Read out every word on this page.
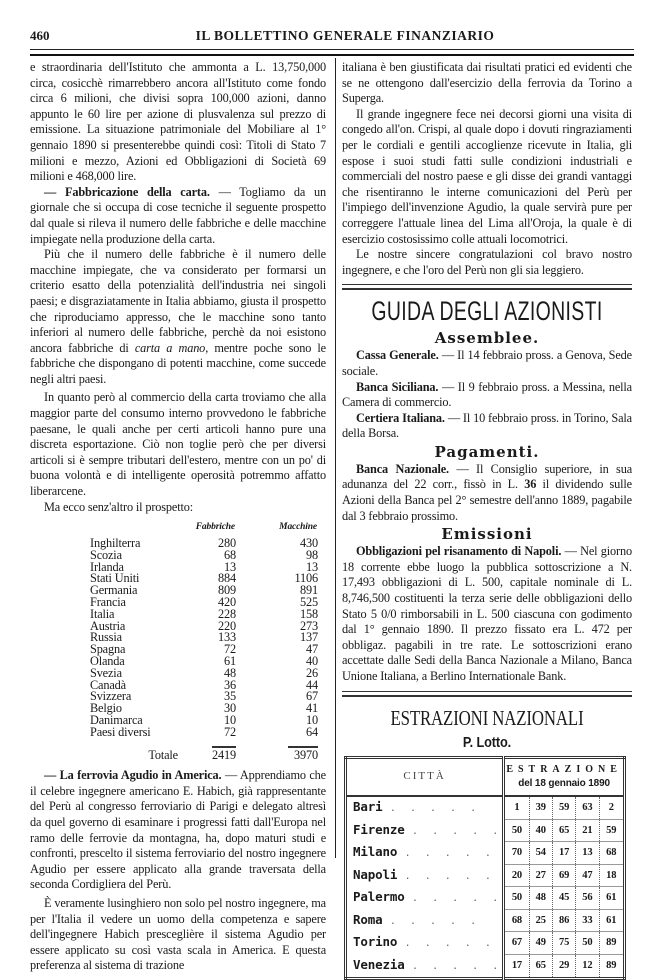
460	IL BOLLETTINO GENERALE FINANZIARIO

e straordinaria dell'Istituto che ammonta a L. 13,750,000 circa, cosicchè rimarrebbero ancora all'Istituto come fondo circa 6 milioni, che divisi sopra 100,000 azioni, danno appunto le 60 lire per azione di plusvalenza sul prezzo di emissione. La situazione patrimoniale del Mobiliare al 1° gennaio 1890 si presenterebbe quindi così: Titoli di Stato 7 milioni e mezzo, Azioni ed Obbligazioni di Società 69 milioni e 468,000 lire.

— Fabbricazione della carta. — Togliamo da un giornale che si occupa di cose tecniche il seguente prospetto dal quale si rileva il numero delle fabbriche e delle macchine impiegate nella produzione della carta.

Più che il numero delle fabbriche è il numero delle macchine impiegate, che va considerato per formarsi un criterio esatto della potenzialità dell'industria nei singoli paesi; e disgraziatamente in Italia abbiamo, giusta il prospetto che riproduciamo appresso, che le macchine sono tanto inferiori al numero delle fabbriche, perchè da noi esistono ancora fabbriche di carta a mano, mentre poche sono le fabbriche che dispongano di potenti macchine, come succede negli altri paesi.

In quanto però al commercio della carta troviamo che alla maggior parte del consumo interno provvedono le fabbriche paesane, le quali anche per certi articoli hanno pure una discreta esportazione. Ciò non toglie però che per diversi articoli si è sempre tributari dell'estero, mentre con un po' di buona volontà e di intelligente operosità potremmo affatto liberarcene.

Ma ecco senz'altro il prospetto:

	Fabbriche	Macchine
Inghilterra	280	430
Scozia	68	98
Irlanda	13	13
Stati Uniti	884	1106
Germania	809	891
Francia	420	525
Italia	228	158
Austria	220	273
Russia	133	137
Spagna	72	47
Olanda	61	40
Svezia	48	26
Canadà	36	44
Svizzera	35	67
Belgio	30	41
Danimarca	10	10
Paesi diversi	72	64

Totale	2419	3970

— La ferrovia Agudio in America. — Apprendiamo che il celebre ingegnere americano E. Habich, già rappresentante del Perù al congresso ferroviario di Parigi e delegato altresì da quel governo di esaminare i progressi fatti dall'Europa nel ramo delle ferrovie da montagna, ha, dopo maturi studi e confronti, prescelto il sistema ferroviario del nostro ingegnere Agudio per essere applicato alla grande traversata della seconda Cordigliera del Perù.

È veramente lusinghiero non solo pel nostro ingegnere, ma per l'Italia il vedere un uomo della competenza e sapere dell'ingegnere Habich presceglière il sistema Agudio per essere applicato su così vasta scala in America. E questa preferenza al sistema di trazione

italiana è ben giustificata dai risultati pratici ed evidenti che se ne ottengono dall'esercizio della ferrovia da Torino a Superga.

Il grande ingegnere fece nei decorsi giorni una visita di congedo all'on. Crispi, al quale dopo i dovuti ringraziamenti per le cordiali e gentili accoglienze ricevute in Italia, gli espose i suoi studi fatti sulle condizioni industriali e commerciali del nostro paese e gli disse dei grandi vantaggi che risentiranno le interne comunicazioni del Perù per l'impiego dell'invenzione Agudio, la quale servirà pure per correggere l'attuale linea del Lima all'Oroja, la quale è di esercizio costosissimo colle attuali locomotrici.

Le nostre sincere congratulazioni col bravo nostro ingegnere, e che l'oro del Perù non gli sia leggiero.

GUIDA DEGLI AZIONISTI
Assemblee.

Cassa Generale. — Il 14 febbraio pross. a Genova, Sede sociale.

Banca Siciliana. — Il 9 febbraio pross. a Messina, nella Camera di commercio.

Certiera Italiana. — Il 10 febbraio pross. in Torino, Sala della Borsa.

Pagamenti.

Banca Nazionale. — Il Consiglio superiore, in sua adunanza del 22 corr., fissò in L. 36 il dividendo sulle Azioni della Banca pel 2° semestre dell'anno 1889, pagabile dal 3 febbraio prossimo.

Emissioni

Obbligazioni pel risanamento di Napoli. — Nel giorno 18 corrente ebbe luogo la pubblica sottoscrizione a N. 17,493 obbligazioni di L. 500, capitale nominale di L. 8,746,500 costituenti la terza serie delle obbligazioni dello Stato 5 0/0 rimborsabili in L. 500 ciascuna con godimento dal 1° gennaio 1890. Il prezzo fissato era L. 472 per obbligaz. pagabili in tre rate. Le sottoscrizioni erano accettate dalle Sedi della Banca Nazionale a Milano, Banca Unione Italiana, a Berlino Internationale Bank.

ESTRAZIONI NAZIONALI
P. Lotto.
CITTÀ	ESTRAZIONE
del 18 gennaio 1890				

Bari . . . . .	1	39	59	63	2
Firenze . . . . .	50	40	65	21	59
Milano . . . . .	70	54	17	13	68
Napoli . . . . .	20	27	69	47	18
Palermo . . . . .	50	48	45	56	61
Roma . . . . .	68	25	86	33	61
Torino . . . . .	67	49	75	50	89
Venezia . . . . .	17	65	29	12	89
